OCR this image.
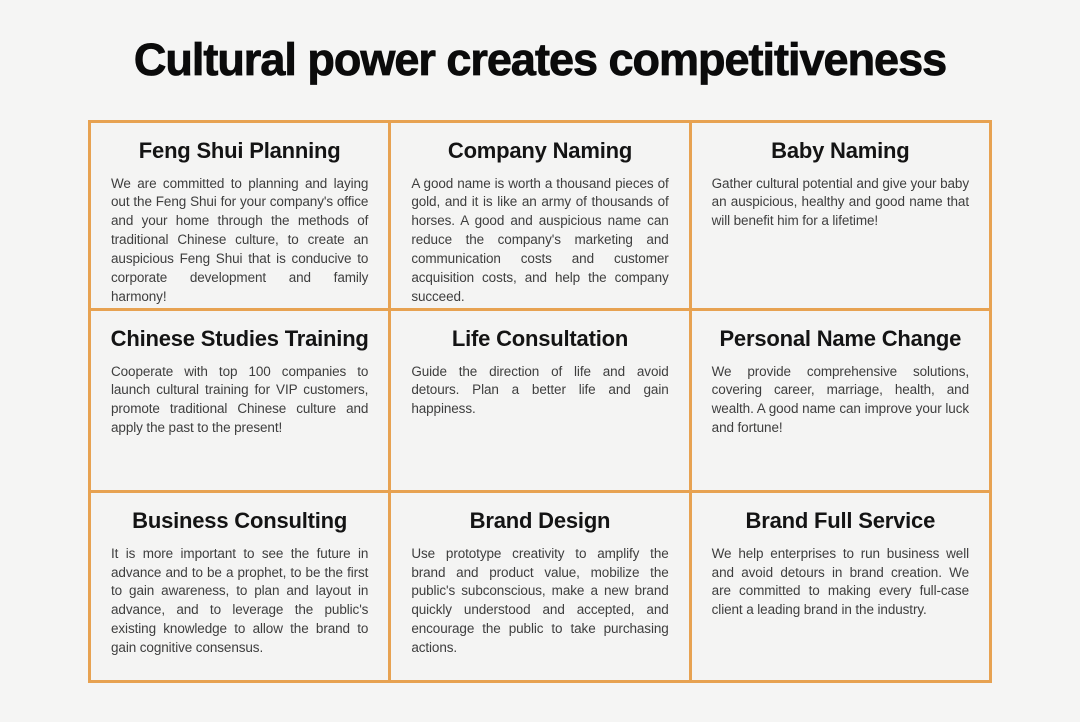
Cultural power creates competitiveness
Feng Shui Planning

We are committed to planning and laying out the Feng Shui for your company's office and your home through the methods of traditional Chinese culture, to create an auspicious Feng Shui that is conducive to corporate development and family harmony!

Company Naming

A good name is worth a thousand pieces of gold, and it is like an army of thousands of horses. A good and auspicious name can reduce the company's marketing and communication costs and customer acquisition costs, and help the company succeed.

Baby Naming

Gather cultural potential and give your baby an auspicious, healthy and good name that will benefit him for a lifetime!

Chinese Studies Training

Cooperate with top 100 companies to launch cultural training for VIP customers, promote traditional Chinese culture and apply the past to the present!

Life Consultation

Guide the direction of life and avoid detours. Plan a better life and gain happiness.

Personal Name Change

We provide comprehensive solutions, covering career, marriage, health, and wealth. A good name can improve your luck and fortune!

Business Consulting

It is more important to see the future in advance and to be a prophet, to be the first to gain awareness, to plan and layout in advance, and to leverage the public's existing knowledge to allow the brand to gain cognitive consensus.

Brand Design

Use prototype creativity to amplify the brand and product value, mobilize the public's subconscious, make a new brand quickly understood and accepted, and encourage the public to take purchasing actions.

Brand Full Service

We help enterprises to run business well and avoid detours in brand creation. We are committed to making every full-case client a leading brand in the industry.
